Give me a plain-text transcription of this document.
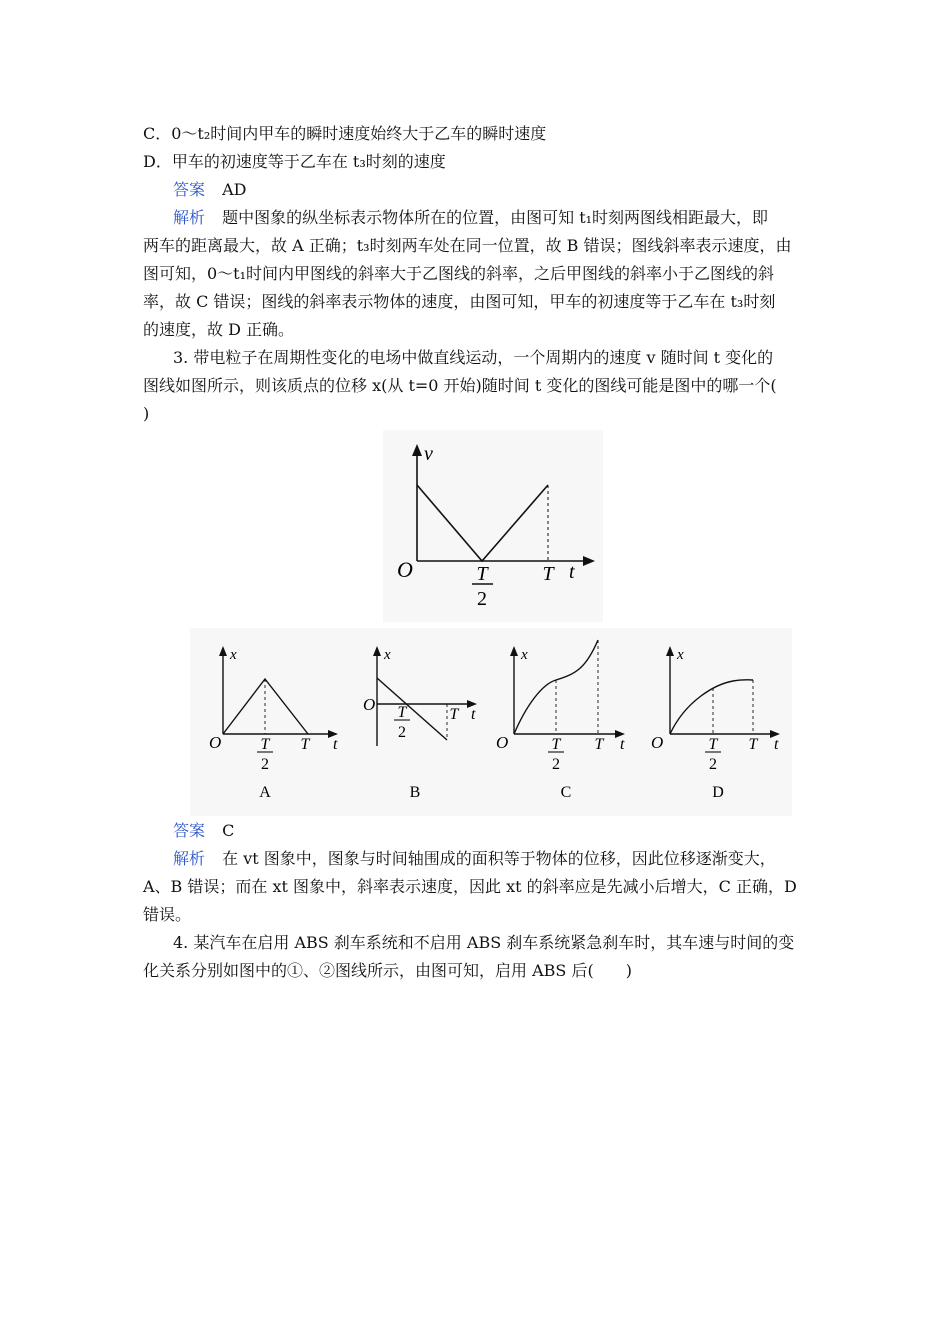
C．0～t₂时间内甲车的瞬时速度始终大于乙车的瞬时速度
D．甲车的初速度等于乙车在 t₃时刻的速度
答案 AD
解析 题中图象的纵坐标表示物体所在的位置，由图可知 t₁时刻两图线相距最大，即
两车的距离最大，故 A 正确；t₃时刻两车处在同一位置，故 B 错误；图线斜率表示速度，由
图可知，0～t₁时间内甲图线的斜率大于乙图线的斜率，之后甲图线的斜率小于乙图线的斜
率，故 C 错误；图线的斜率表示物体的速度，由图可知，甲车的初速度等于乙车在 t₃时刻
的速度，故 D 正确。
3. 带电粒子在周期性变化的电场中做直线运动，一个周期内的速度 v 随时间 t 变化的
图线如图所示，则该质点的位移 x(从 t=0 开始)随时间 t 变化的图线可能是图中的哪一个(
)
v
O	T
2
T t
x
O T
2
T t
A
x
O T
2
T t
B
x
O	T
2
T t
C
x
O	T
2
T t
D
答案 C
解析 在 vt 图象中，图象与时间轴围成的面积等于物体的位移，因此位移逐渐变大，
A、B 错误；而在 xt 图象中，斜率表示速度，因此 xt 的斜率应是先减小后增大，C 正确，D
错误。
4. 某汽车在启用 ABS 刹车系统和不启用 ABS 刹车系统紧急刹车时，其车速与时间的变
化关系分别如图中的①、②图线所示，由图可知，启用 ABS 后(　　)
